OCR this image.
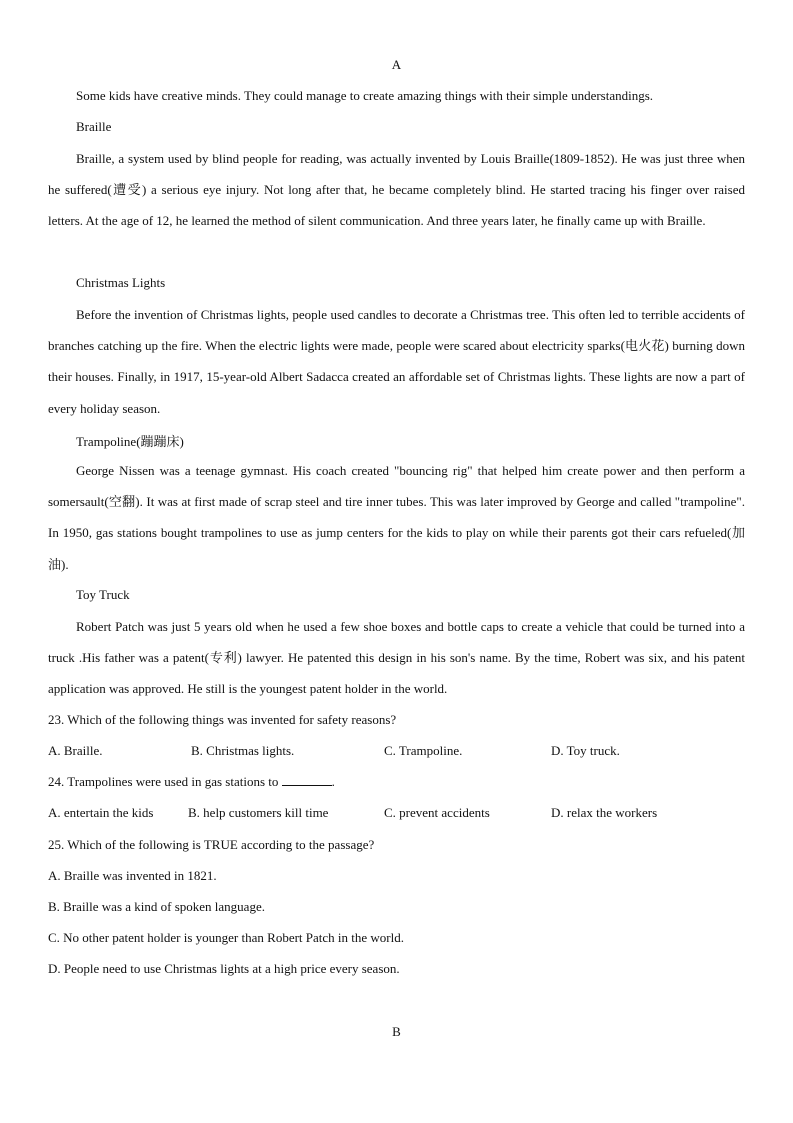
A
Some kids have creative minds. They could manage to create amazing things with their simple understandings.
Braille
Braille, a system used by blind people for reading, was actually invented by Louis Braille(1809-1852). He was just three when he suffered(遭受) a serious eye injury. Not long after that, he became completely blind. He started tracing his finger over raised letters. At the age of 12, he learned the method of silent communication. And three years later, he finally came up with Braille.
Christmas Lights
Before the invention of Christmas lights, people used candles to decorate a Christmas tree. This often led to terrible accidents of branches catching up the fire. When the electric lights were made, people were scared about electricity sparks(电火花) burning down their houses. Finally, in 1917, 15-year-old Albert Sadacca created an affordable set of Christmas lights. These lights are now a part of every holiday season.
Trampoline(蹦蹦床)
George Nissen was a teenage gymnast. His coach created "bouncing rig" that helped him create power and then perform a somersault(空翻). It was at first made of scrap steel and tire inner tubes. This was later improved by George and called "trampoline". In 1950, gas stations bought trampolines to use as jump centers for the kids to play on while their parents got their cars refueled(加油).
Toy Truck
Robert Patch was just 5 years old when he used a few shoe boxes and bottle caps to create a vehicle that could be turned into a truck .His father was a patent(专利) lawyer. He patented this design in his son's name. By the time, Robert was six, and his patent application was approved. He still is the youngest patent holder in the world.
23. Which of the following things was invented for safety reasons?
A. Braille.	B. Christmas lights.	C. Trampoline.	D. Toy truck.
24. Trampolines were used in gas stations to	.
A. entertain the kids	B. help customers kill time	C. prevent accidents	D. relax the workers
25. Which of the following is TRUE according to the passage?
A. Braille was invented in 1821.
B. Braille was a kind of spoken language.
C. No other patent holder is younger than Robert Patch in the world.
D. People need to use Christmas lights at a high price every season.
B
